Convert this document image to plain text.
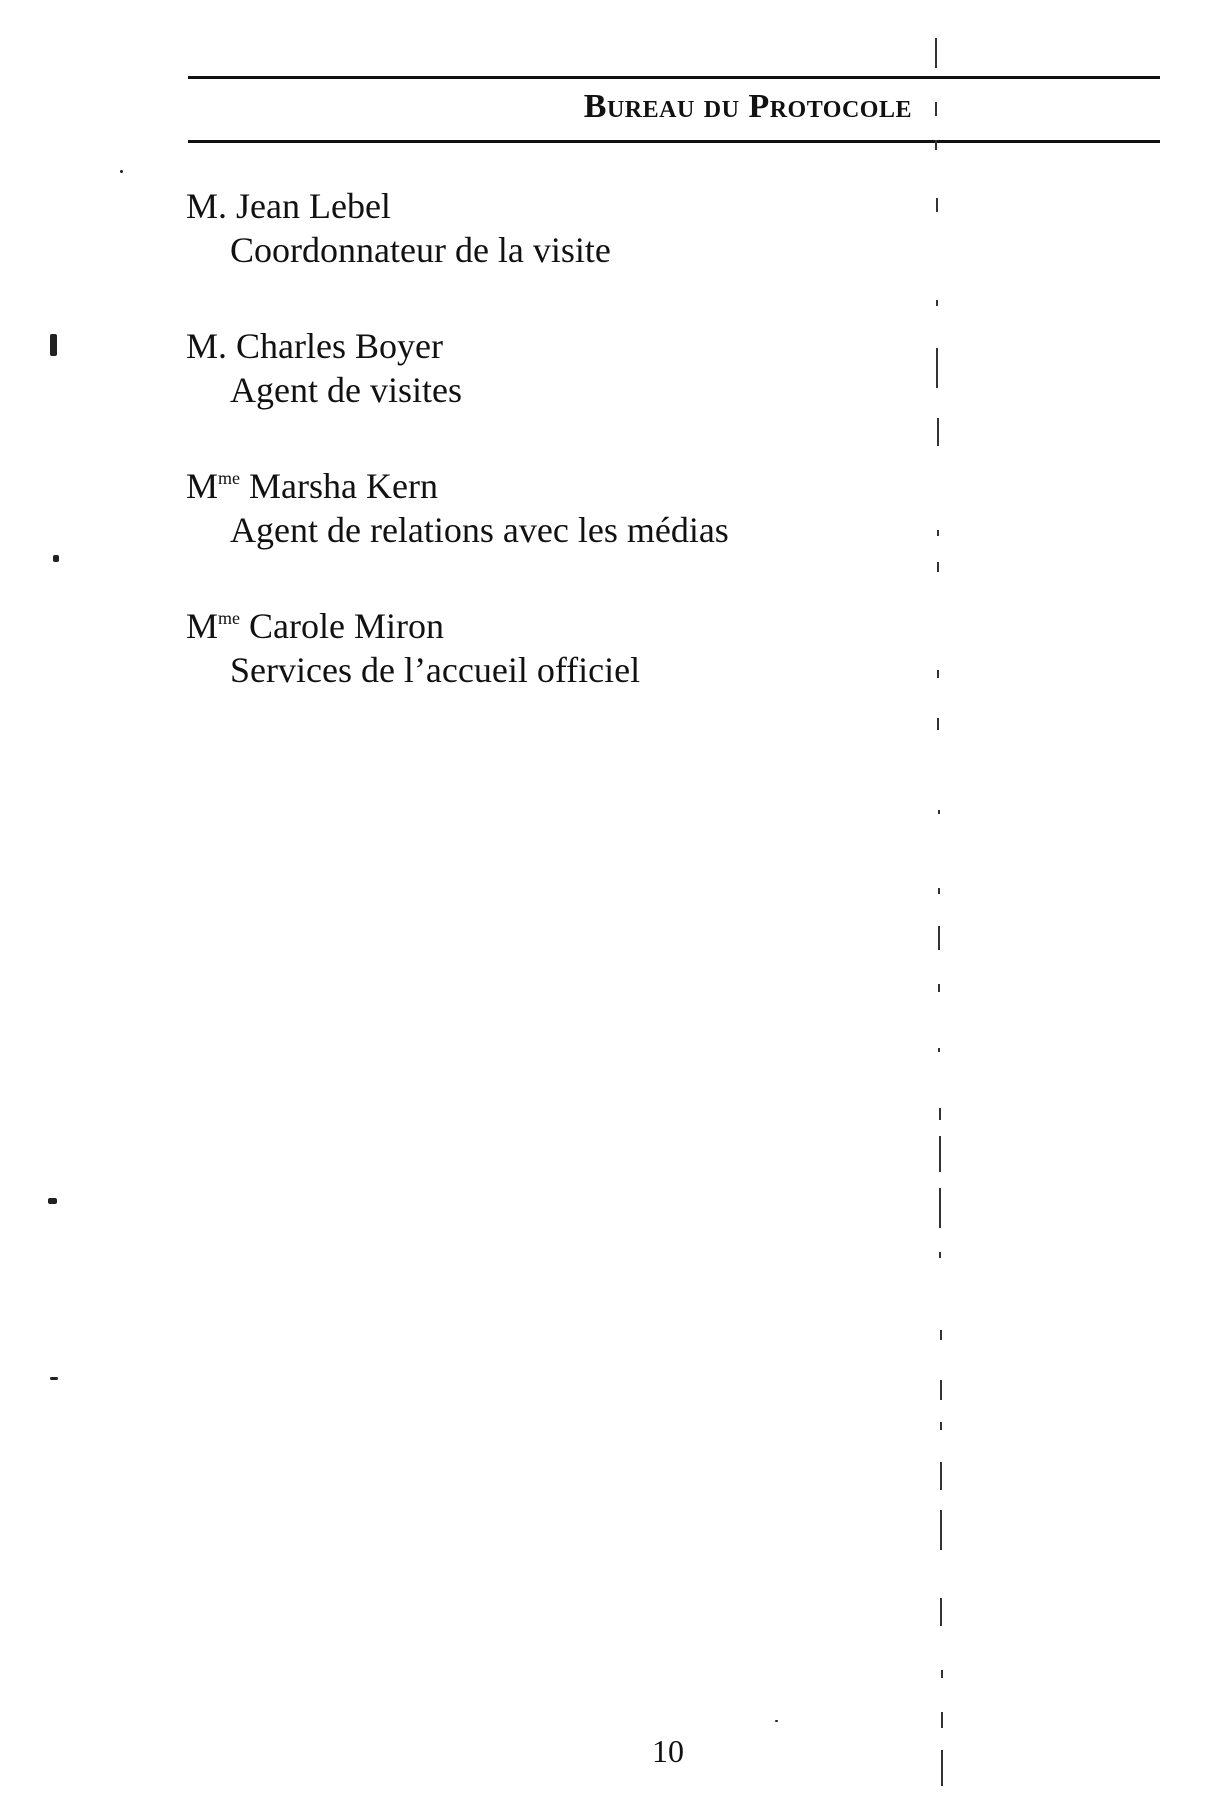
Bureau du Protocole
M. Jean Lebel
Coordonnateur de la visite
M. Charles Boyer
Agent de visites
$M^{me}$ Marsha Kern
Agent de relations avec les médias
$M^{me}$ Carole Miron
Services de l’accueil officiel
10
